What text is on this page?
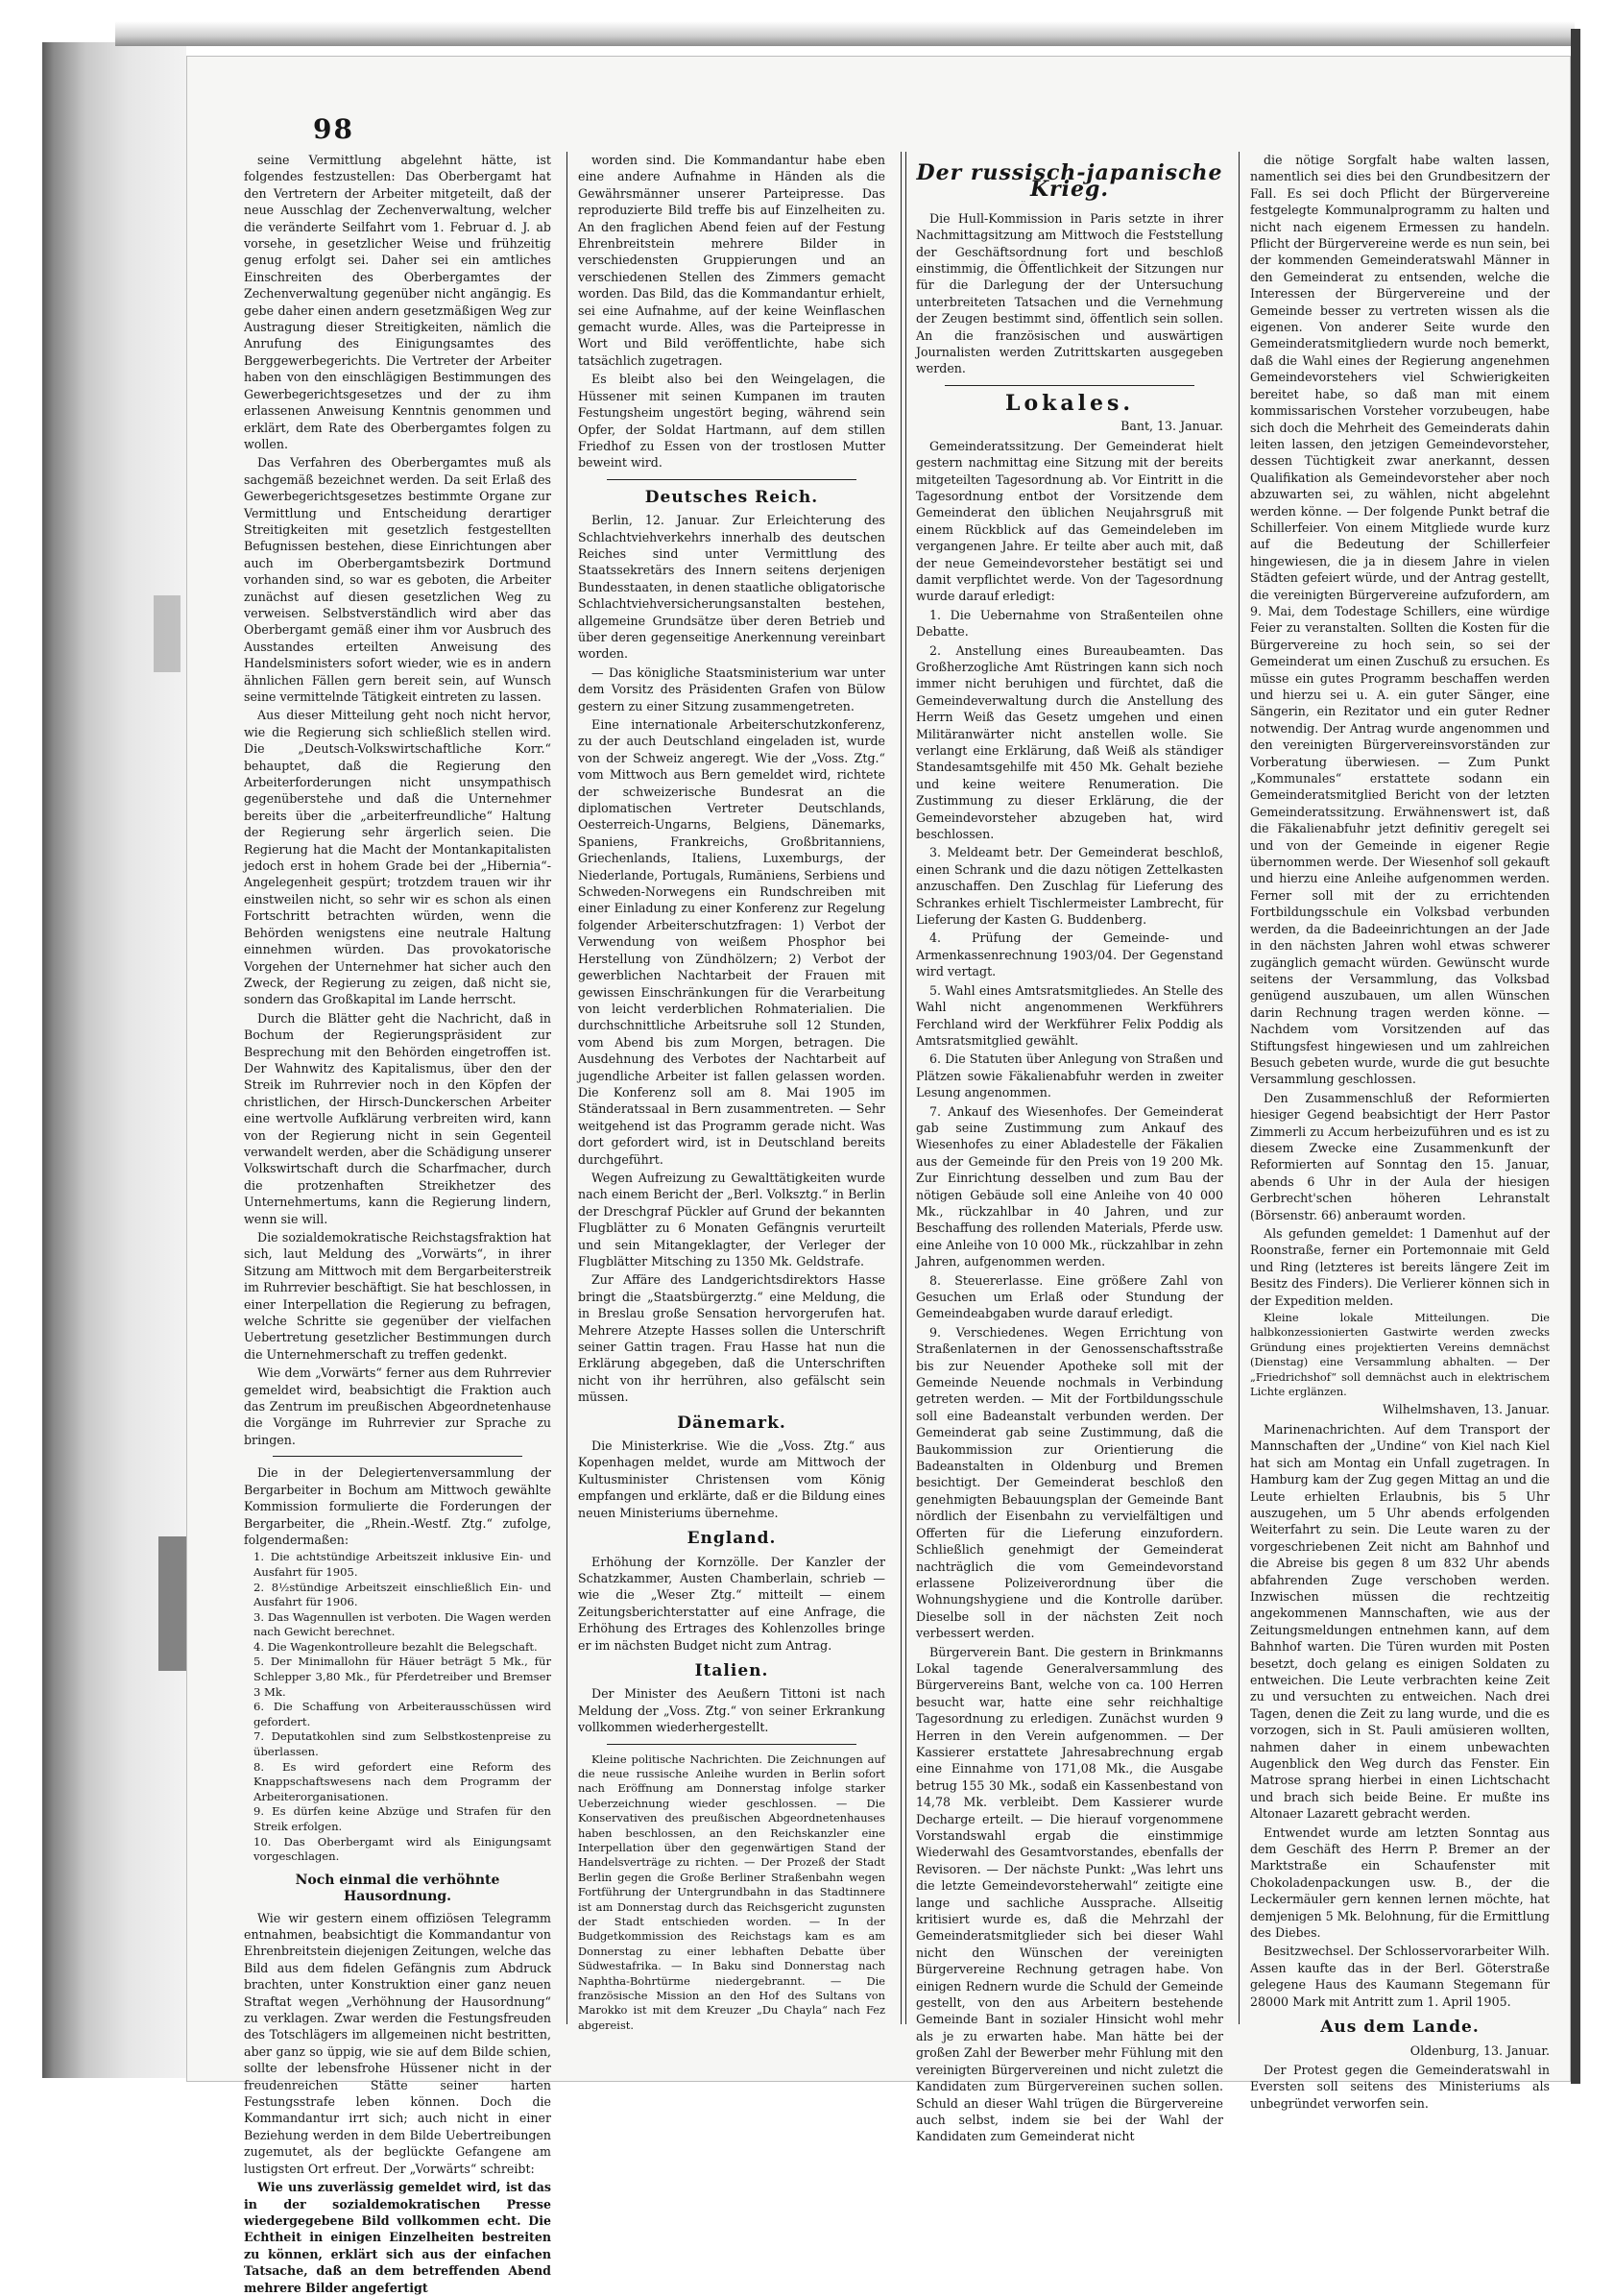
98

seine Vermittlung abgelehnt hätte, ist folgendes festzustellen: Das Oberbergamt hat den Vertretern der Arbeiter mitgeteilt, daß der neue Ausschlag der Zechenverwaltung, welcher die veränderte Seilfahrt vom 1. Februar d. J. ab vorsehe, in gesetzlicher Weise und frühzeitig genug erfolgt sei. Daher sei ein amtliches Einschreiten des Oberbergamtes der Zechenverwaltung gegenüber nicht angängig. Es gebe daher einen andern gesetzmäßigen Weg zur Austragung dieser Streitigkeiten, nämlich die Anrufung des Einigungsamtes des Berggewerbegerichts. Die Vertreter der Arbeiter haben von den einschlägigen Bestimmungen des Gewerbegerichtsgesetzes und der zu ihm erlassenen Anweisung Kenntnis genommen und erklärt, dem Rate des Oberbergamtes folgen zu wollen.

Das Verfahren des Oberbergamtes muß als sachgemäß bezeichnet werden. Da seit Erlaß des Gewerbegerichtsgesetzes bestimmte Organe zur Vermittlung und Entscheidung derartiger Streitigkeiten mit gesetzlich festgestellten Befugnissen bestehen, diese Einrichtungen aber auch im Oberbergamtsbezirk Dortmund vorhanden sind, so war es geboten, die Arbeiter zunächst auf diesen gesetzlichen Weg zu verweisen. Selbstverständlich wird aber das Oberbergamt gemäß einer ihm vor Ausbruch des Ausstandes erteilten Anweisung des Handelsministers sofort wieder, wie es in andern ähnlichen Fällen gern bereit sein, auf Wunsch seine vermittelnde Tätigkeit eintreten zu lassen.

Aus dieser Mitteilung geht noch nicht hervor, wie die Regierung sich schließlich stellen wird. Die „Deutsch-Volkswirtschaftliche Korr.“ behauptet, daß die Regierung den Arbeiterforderungen nicht unsympathisch gegenüberstehe und daß die Unternehmer bereits über die „arbeiterfreundliche“ Haltung der Regierung sehr ärgerlich seien. Die Regierung hat die Macht der Montankapitalisten jedoch erst in hohem Grade bei der „Hibernia“-Angelegenheit gespürt; trotzdem trauen wir ihr einstweilen nicht, so sehr wir es schon als einen Fortschritt betrachten würden, wenn die Behörden wenigstens eine neutrale Haltung einnehmen würden. Das provokatorische Vorgehen der Unternehmer hat sicher auch den Zweck, der Regierung zu zeigen, daß nicht sie, sondern das Großkapital im Lande herrscht.

Durch die Blätter geht die Nachricht, daß in Bochum der Regierungspräsident zur Besprechung mit den Behörden eingetroffen ist. Der Wahnwitz des Kapitalismus, über den der Streik im Ruhrrevier noch in den Köpfen der christlichen, der Hirsch-Dunckerschen Arbeiter eine wertvolle Aufklärung verbreiten wird, kann von der Regierung nicht in sein Gegenteil verwandelt werden, aber die Schädigung unserer Volkswirtschaft durch die Scharfmacher, durch die protzenhaften Streikhetzer des Unternehmertums, kann die Regierung lindern, wenn sie will.

Die sozialdemokratische Reichstagsfraktion hat sich, laut Meldung des „Vorwärts“, in ihrer Sitzung am Mittwoch mit dem Bergarbeiterstreik im Ruhrrevier beschäftigt. Sie hat beschlossen, in einer Interpellation die Regierung zu befragen, welche Schritte sie gegenüber der vielfachen Uebertretung gesetzlicher Bestimmungen durch die Unternehmerschaft zu treffen gedenkt.

Wie dem „Vorwärts“ ferner aus dem Ruhrrevier gemeldet wird, beabsichtigt die Fraktion auch das Zentrum im preußischen Abgeordnetenhause die Vorgänge im Ruhrrevier zur Sprache zu bringen.

Die in der Delegiertenversammlung der Bergarbeiter in Bochum am Mittwoch gewählte Kommission formulierte die Forderungen der Bergarbeiter, die „Rhein.-Westf. Ztg.“ zufolge, folgendermaßen:

1. Die achtstündige Arbeitszeit inklusive Ein- und Ausfahrt für 1905.
2. 8½stündige Arbeitszeit einschließlich Ein- und Ausfahrt für 1906.
3. Das Wagennullen ist verboten. Die Wagen werden nach Gewicht berechnet.
4. Die Wagenkontrolleure bezahlt die Belegschaft.
5. Der Minimallohn für Häuer beträgt 5 Mk., für Schlepper 3,80 Mk., für Pferdetreiber und Bremser 3 Mk.
6. Die Schaffung von Arbeiterausschüssen wird gefordert.
7. Deputatkohlen sind zum Selbstkostenpreise zu überlassen.
8. Es wird gefordert eine Reform des Knappschaftswesens nach dem Programm der Arbeiterorganisationen.
9. Es dürfen keine Abzüge und Strafen für den Streik erfolgen.
10. Das Oberbergamt wird als Einigungsamt vorgeschlagen.
Noch einmal die verhöhnte Hausordnung.

Wie wir gestern einem offiziösen Telegramm entnahmen, beabsichtigt die Kommandantur von Ehrenbreitstein diejenigen Zeitungen, welche das Bild aus dem fidelen Gefängnis zum Abdruck brachten, unter Konstruktion einer ganz neuen Straftat wegen „Verhöhnung der Hausordnung“ zu verklagen. Zwar werden die Festungsfreuden des Totschlägers im allgemeinen nicht bestritten, aber ganz so üppig, wie sie auf dem Bilde schien, sollte der lebensfrohe Hüssener nicht in der freudenreichen Stätte seiner harten Festungsstrafe leben können. Doch die Kommandantur irrt sich; auch nicht in einer Beziehung werden in dem Bilde Uebertreibungen zugemutet, als der beglückte Gefangene am lustigsten Ort erfreut. Der „Vorwärts“ schreibt:

Wie uns zuverlässig gemeldet wird, ist das in der sozialdemokratischen Presse wiedergegebene Bild vollkommen echt. Die Echtheit in einigen Einzelheiten bestreiten zu können, erklärt sich aus der einfachen Tatsache, daß an dem betreffenden Abend mehrere Bilder angefertigt

worden sind. Die Kommandantur habe eben eine andere Aufnahme in Händen als die Gewährsmänner unserer Parteipresse. Das reproduzierte Bild treffe bis auf Einzelheiten zu. An den fraglichen Abend feien auf der Festung Ehrenbreitstein mehrere Bilder in verschiedensten Gruppierungen und an verschiedenen Stellen des Zimmers gemacht worden. Das Bild, das die Kommandantur erhielt, sei eine Aufnahme, auf der keine Weinflaschen gemacht wurde. Alles, was die Parteipresse in Wort und Bild veröffentlichte, habe sich tatsächlich zugetragen.

Es bleibt also bei den Weingelagen, die Hüssener mit seinen Kumpanen im trauten Festungsheim ungestört beging, während sein Opfer, der Soldat Hartmann, auf dem stillen Friedhof zu Essen von der trostlosen Mutter beweint wird.

Deutsches Reich.

Berlin, 12. Januar. Zur Erleichterung des Schlachtviehverkehrs innerhalb des deutschen Reiches sind unter Vermittlung des Staatssekretärs des Innern seitens derjenigen Bundesstaaten, in denen staatliche obligatorische Schlachtviehversicherungsanstalten bestehen, allgemeine Grundsätze über deren Betrieb und über deren gegenseitige Anerkennung vereinbart worden.

— Das königliche Staatsministerium war unter dem Vorsitz des Präsidenten Grafen von Bülow gestern zu einer Sitzung zusammengetreten.

Eine internationale Arbeiterschutzkonferenz, zu der auch Deutschland eingeladen ist, wurde von der Schweiz angeregt. Wie der „Voss. Ztg.“ vom Mittwoch aus Bern gemeldet wird, richtete der schweizerische Bundesrat an die diplomatischen Vertreter Deutschlands, Oesterreich-Ungarns, Belgiens, Dänemarks, Spaniens, Frankreichs, Großbritanniens, Griechenlands, Italiens, Luxemburgs, der Niederlande, Portugals, Rumäniens, Serbiens und Schweden-Norwegens ein Rundschreiben mit einer Einladung zu einer Konferenz zur Regelung folgender Arbeiterschutzfragen: 1) Verbot der Verwendung von weißem Phosphor bei Herstellung von Zündhölzern; 2) Verbot der gewerblichen Nachtarbeit der Frauen mit gewissen Einschränkungen für die Verarbeitung von leicht verderblichen Rohmaterialien. Die durchschnittliche Arbeitsruhe soll 12 Stunden, vom Abend bis zum Morgen, betragen. Die Ausdehnung des Verbotes der Nachtarbeit auf jugendliche Arbeiter ist fallen gelassen worden. Die Konferenz soll am 8. Mai 1905 im Ständeratssaal in Bern zusammentreten. — Sehr weitgehend ist das Programm gerade nicht. Was dort gefordert wird, ist in Deutschland bereits durchgeführt.

Wegen Aufreizung zu Gewalttätigkeiten wurde nach einem Bericht der „Berl. Volksztg.“ in Berlin der Dreschgraf Pückler auf Grund der bekannten Flugblätter zu 6 Monaten Gefängnis verurteilt und sein Mitangeklagter, der Verleger der Flugblätter Mitsching zu 1350 Mk. Geldstrafe.

Zur Affäre des Landgerichtsdirektors Hasse bringt die „Staatsbürgerztg.“ eine Meldung, die in Breslau große Sensation hervorgerufen hat. Mehrere Atzepte Hasses sollen die Unterschrift seiner Gattin tragen. Frau Hasse hat nun die Erklärung abgegeben, daß die Unterschriften nicht von ihr herrühren, also gefälscht sein müssen.

Dänemark.

Die Ministerkrise. Wie die „Voss. Ztg.“ aus Kopenhagen meldet, wurde am Mittwoch der Kultusminister Christensen vom König empfangen und erklärte, daß er die Bildung eines neuen Ministeriums übernehme.

England.

Erhöhung der Kornzölle. Der Kanzler der Schatzkammer, Austen Chamberlain, schrieb — wie die „Weser Ztg.“ mitteilt — einem Zeitungsberichterstatter auf eine Anfrage, die Erhöhung des Ertrages des Kohlenzolles bringe er im nächsten Budget nicht zum Antrag.

Italien.

Der Minister des Aeußern Tittoni ist nach Meldung der „Voss. Ztg.“ von seiner Erkrankung vollkommen wiederhergestellt.

Kleine politische Nachrichten. Die Zeichnungen auf die neue russische Anleihe wurden in Berlin sofort nach Eröffnung am Donnerstag infolge starker Ueberzeichnung wieder geschlossen. — Die Konservativen des preußischen Abgeordnetenhauses haben beschlossen, an den Reichskanzler eine Interpellation über den gegenwärtigen Stand der Handelsverträge zu richten. — Der Prozeß der Stadt Berlin gegen die Große Berliner Straßenbahn wegen Fortführung der Untergrundbahn in das Stadtinnere ist am Donnerstag durch das Reichsgericht zugunsten der Stadt entschieden worden. — In der Budgetkommission des Reichstags kam es am Donnerstag zu einer lebhaften Debatte über Südwestafrika. — In Baku sind Donnerstag nach Naphtha-Bohrtürme niedergebrannt. — Die französische Mission an den Hof des Sultans von Marokko ist mit dem Kreuzer „Du Chayla“ nach Fez abgereist.

Der russisch-japanische Krieg.

Die Hull-Kommission in Paris setzte in ihrer Nachmittagsitzung am Mittwoch die Feststellung der Geschäftsordnung fort und beschloß einstimmig, die Öffentlichkeit der Sitzungen nur für die Darlegung der der Untersuchung unterbreiteten Tatsachen und die Vernehmung der Zeugen bestimmt sind, öffentlich sein sollen. An die französischen und auswärtigen Journalisten werden Zutrittskarten ausgegeben werden.

Lokales.
Bant, 13. Januar.

Gemeinderatssitzung. Der Gemeinderat hielt gestern nachmittag eine Sitzung mit der bereits mitgeteilten Tagesordnung ab. Vor Eintritt in die Tagesordnung entbot der Vorsitzende dem Gemeinderat den üblichen Neujahrsgruß mit einem Rückblick auf das Gemeindeleben im vergangenen Jahre. Er teilte aber auch mit, daß der neue Gemeindevorsteher bestätigt sei und damit verpflichtet werde. Von der Tagesordnung wurde darauf erledigt:

1. Die Uebernahme von Straßenteilen ohne Debatte.

2. Anstellung eines Bureaubeamten. Das Großherzogliche Amt Rüstringen kann sich noch immer nicht beruhigen und fürchtet, daß die Gemeindeverwaltung durch die Anstellung des Herrn Weiß das Gesetz umgehen und einen Militäranwärter nicht anstellen wolle. Sie verlangt eine Erklärung, daß Weiß als ständiger Standesamtsgehilfe mit 450 Mk. Gehalt beziehe und keine weitere Renumeration. Die Zustimmung zu dieser Erklärung, die der Gemeindevorsteher abzugeben hat, wird beschlossen.

3. Meldeamt betr. Der Gemeinderat beschloß, einen Schrank und die dazu nötigen Zettelkasten anzuschaffen. Den Zuschlag für Lieferung des Schrankes erhielt Tischlermeister Lambrecht, für Lieferung der Kasten G. Buddenberg.

4. Prüfung der Gemeinde- und Armenkassenrechnung 1903/04. Der Gegenstand wird vertagt.

5. Wahl eines Amtsratsmitgliedes. An Stelle des Wahl nicht angenommenen Werkführers Ferchland wird der Werkführer Felix Poddig als Amtsratsmitglied gewählt.

6. Die Statuten über Anlegung von Straßen und Plätzen sowie Fäkalienabfuhr werden in zweiter Lesung angenommen.

7. Ankauf des Wiesenhofes. Der Gemeinderat gab seine Zustimmung zum Ankauf des Wiesenhofes zu einer Abladestelle der Fäkalien aus der Gemeinde für den Preis von 19 200 Mk. Zur Einrichtung desselben und zum Bau der nötigen Gebäude soll eine Anleihe von 40 000 Mk., rückzahlbar in 40 Jahren, und zur Beschaffung des rollenden Materials, Pferde usw. eine Anleihe von 10 000 Mk., rückzahlbar in zehn Jahren, aufgenommen werden.

8. Steuererlasse. Eine größere Zahl von Gesuchen um Erlaß oder Stundung der Gemeindeabgaben wurde darauf erledigt.

9. Verschiedenes. Wegen Errichtung von Straßenlaternen in der Genossenschaftsstraße bis zur Neuender Apotheke soll mit der Gemeinde Neuende nochmals in Verbindung getreten werden. — Mit der Fortbildungsschule soll eine Badeanstalt verbunden werden. Der Gemeinderat gab seine Zustimmung, daß die Baukommission zur Orientierung die Badeanstalten in Oldenburg und Bremen besichtigt. Der Gemeinderat beschloß den genehmigten Bebauungsplan der Gemeinde Bant nördlich der Eisenbahn zu vervielfältigen und Offerten für die Lieferung einzufordern. Schließlich genehmigt der Gemeinderat nachträglich die vom Gemeindevorstand erlassene Polizeiverordnung über die Wohnungshygiene und die Kontrolle darüber. Dieselbe soll in der nächsten Zeit noch verbessert werden.

Bürgerverein Bant. Die gestern in Brinkmanns Lokal tagende Generalversammlung des Bürgervereins Bant, welche von ca. 100 Herren besucht war, hatte eine sehr reichhaltige Tagesordnung zu erledigen. Zunächst wurden 9 Herren in den Verein aufgenommen. — Der Kassierer erstattete Jahresabrechnung ergab eine Einnahme von 171,08 Mk., die Ausgabe betrug 155 30 Mk., sodaß ein Kassenbestand von 14,78 Mk. verbleibt. Dem Kassierer wurde Decharge erteilt. — Die hierauf vorgenommene Vorstandswahl ergab die einstimmige Wiederwahl des Gesamtvorstandes, ebenfalls der Revisoren. — Der nächste Punkt: „Was lehrt uns die letzte Gemeindevorsteherwahl“ zeitigte eine lange und sachliche Aussprache. Allseitig kritisiert wurde es, daß die Mehrzahl der Gemeinderatsmitglieder sich bei dieser Wahl nicht den Wünschen der vereinigten Bürgervereine Rechnung getragen habe. Von einigen Rednern wurde die Schuld der Gemeinde gestellt, von den aus Arbeitern bestehende Gemeinde Bant in sozialer Hinsicht wohl mehr als je zu erwarten habe. Man hätte bei der großen Zahl der Bewerber mehr Fühlung mit den vereinigten Bürgervereinen und nicht zuletzt die Kandidaten zum Bürgervereinen suchen sollen. Schuld an dieser Wahl trügen die Bürgervereine auch selbst, indem sie bei der Wahl der Kandidaten zum Gemeinderat nicht

die nötige Sorgfalt habe walten lassen, namentlich sei dies bei den Grundbesitzern der Fall. Es sei doch Pflicht der Bürgervereine festgelegte Kommunalprogramm zu halten und nicht nach eigenem Ermessen zu handeln. Pflicht der Bürgervereine werde es nun sein, bei der kommenden Gemeinderatswahl Männer in den Gemeinderat zu entsenden, welche die Interessen der Bürgervereine und der Gemeinde besser zu vertreten wissen als die eigenen. Von anderer Seite wurde den Gemeinderatsmitgliedern wurde noch bemerkt, daß die Wahl eines der Regierung angenehmen Gemeindevorstehers viel Schwierigkeiten bereitet habe, so daß man mit einem kommissarischen Vorsteher vorzubeugen, habe sich doch die Mehrheit des Gemeinderats dahin leiten lassen, den jetzigen Gemeindevorsteher, dessen Tüchtigkeit zwar anerkannt, dessen Qualifikation als Gemeindevorsteher aber noch abzuwarten sei, zu wählen, nicht abgelehnt werden könne. — Der folgende Punkt betraf die Schillerfeier. Von einem Mitgliede wurde kurz auf die Bedeutung der Schillerfeier hingewiesen, die ja in diesem Jahre in vielen Städten gefeiert würde, und der Antrag gestellt, die vereinigten Bürgervereine aufzufordern, am 9. Mai, dem Todestage Schillers, eine würdige Feier zu veranstalten. Sollten die Kosten für die Bürgervereine zu hoch sein, so sei der Gemeinderat um einen Zuschuß zu ersuchen. Es müsse ein gutes Programm beschaffen werden und hierzu sei u. A. ein guter Sänger, eine Sängerin, ein Rezitator und ein guter Redner notwendig. Der Antrag wurde angenommen und den vereinigten Bürgervereinsvorständen zur Vorberatung überwiesen. — Zum Punkt „Kommunales“ erstattete sodann ein Gemeinderatsmitglied Bericht von der letzten Gemeinderatssitzung. Erwähnenswert ist, daß die Fäkalienabfuhr jetzt definitiv geregelt sei und von der Gemeinde in eigener Regie übernommen werde. Der Wiesenhof soll gekauft und hierzu eine Anleihe aufgenommen werden. Ferner soll mit der zu errichtenden Fortbildungsschule ein Volksbad verbunden werden, da die Badeeinrichtungen an der Jade in den nächsten Jahren wohl etwas schwerer zugänglich gemacht würden. Gewünscht wurde seitens der Versammlung, das Volksbad genügend auszubauen, um allen Wünschen darin Rechnung tragen werden könne. — Nachdem vom Vorsitzenden auf das Stiftungsfest hingewiesen und um zahlreichen Besuch gebeten wurde, wurde die gut besuchte Versammlung geschlossen.

Den Zusammenschluß der Reformierten hiesiger Gegend beabsichtigt der Herr Pastor Zimmerli zu Accum herbeizuführen und es ist zu diesem Zwecke eine Zusammenkunft der Reformierten auf Sonntag den 15. Januar, abends 6 Uhr in der Aula der hiesigen Gerbrecht'schen höheren Lehranstalt (Börsenstr. 66) anberaumt worden.

Als gefunden gemeldet: 1 Damenhut auf der Roonstraße, ferner ein Portemonnaie mit Geld und Ring (letzteres ist bereits längere Zeit im Besitz des Finders). Die Verlierer können sich in der Expedition melden.

Kleine lokale Mitteilungen. Die halbkonzessionierten Gastwirte werden zwecks Gründung eines projektierten Vereins demnächst (Dienstag) eine Versammlung abhalten. — Der „Friedrichshof“ soll demnächst auch in elektrischem Lichte erglänzen.

Wilhelmshaven, 13. Januar.

Marinenachrichten. Auf dem Transport der Mannschaften der „Undine“ von Kiel nach Kiel hat sich am Montag ein Unfall zugetragen. In Hamburg kam der Zug gegen Mittag an und die Leute erhielten Erlaubnis, bis 5 Uhr auszugehen, um 5 Uhr abends erfolgenden Weiterfahrt zu sein. Die Leute waren zu der vorgeschriebenen Zeit nicht am Bahnhof und die Abreise bis gegen 8 um 832 Uhr abends abfahrenden Zuge verschoben werden. Inzwischen müssen die rechtzeitig angekommenen Mannschaften, wie aus der Zeitungsmeldungen entnehmen kann, auf dem Bahnhof warten. Die Türen wurden mit Posten besetzt, doch gelang es einigen Soldaten zu entweichen. Die Leute verbrachten keine Zeit zu und versuchten zu entweichen. Nach drei Tagen, denen die Zeit zu lang wurde, und die es vorzogen, sich in St. Pauli amüsieren wollten, nahmen daher in einem unbewachten Augenblick den Weg durch das Fenster. Ein Matrose sprang hierbei in einen Lichtschacht und brach sich beide Beine. Er mußte ins Altonaer Lazarett gebracht werden.

Entwendet wurde am letzten Sonntag aus dem Geschäft des Herrn P. Bremer an der Marktstraße ein Schaufenster mit Chokoladenpackungen usw. B., der die Leckermäuler gern kennen lernen möchte, hat demjenigen 5 Mk. Belohnung, für die Ermittlung des Diebes.

Besitzwechsel. Der Schlosservorarbeiter Wilh. Assen kaufte das in der Berl. Göterstraße gelegene Haus des Kaumann Stegemann für 28000 Mark mit Antritt zum 1. April 1905.

Aus dem Lande.
Oldenburg, 13. Januar.

Der Protest gegen die Gemeinderatswahl in Eversten soll seitens des Ministeriums als unbegründet verworfen sein.
